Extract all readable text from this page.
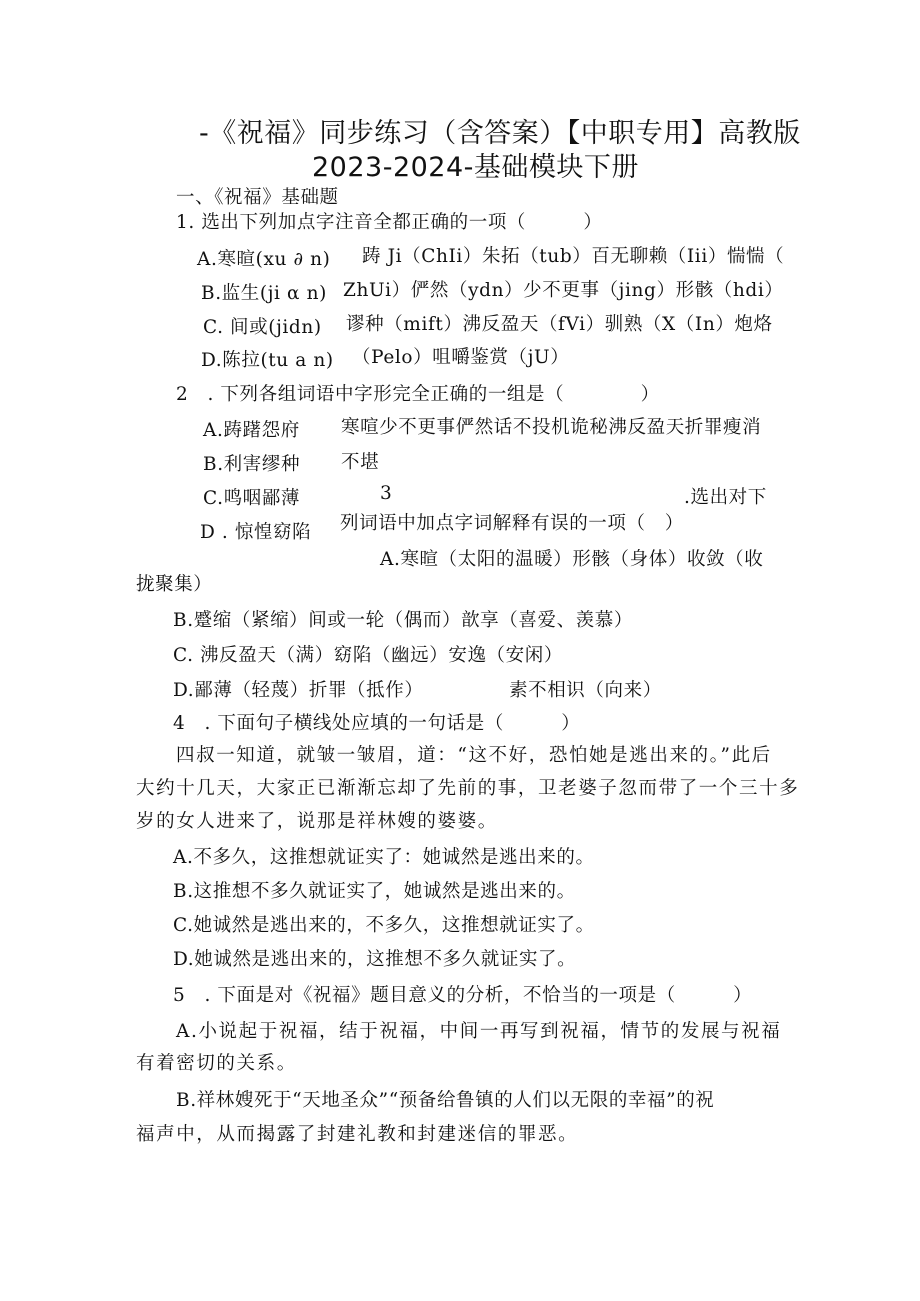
-《祝福》同步练习（含答案）【中职专用】高教版
2023-2024-基础模块下册
一、《祝福》基础题
1. 选出下列加点字注音全都正确的一项（　　　）
A.寒暄(xu ∂ n) 踌 Ji（ChIi）朱拓（tub）百无聊赖（Iii）惴惴（
B.监生(ji α n) ZhUi）俨然（ydn）少不更事（jing）形骸（hdi）
C. 间或(jidn) 谬种（mift）沸反盈天（fVi）驯熟（X（In）炮烙
D.陈拉(tu a n) （Pelo）咀嚼鉴赏（jU）
2　. 下列各组词语中字形完全正确的一组是（　　　　）
A.踌躇怨府 寒喧少不更事俨然话不投机诡秘沸反盈天折罪瘦消
B.利害缪种 不堪
C.鸣咽鄙薄	3	.选出对下
D . 惊惶窈陷 列词语中加点字词解释有误的一项（　）
A.寒暄（太阳的温暖）形骸（身体）收敛（收
拢聚集）
B.蹙缩（紧缩）间或一轮（偶而）歆享（喜爱、羡慕）
C. 沸反盈天（满）窈陷（幽远）安逸（安闲）
D.鄙薄（轻蔑）折罪（抵作）	素不相识（向来）
4　. 下面句子横线处应填的一句话是（　　　）
四叔一知道，就皱一皱眉，道：“这不好，恐怕她是逃出来的。”此后
大约十几天，大家正已渐渐忘却了先前的事，卫老婆子忽而带了一个三十多
岁的女人进来了，说那是祥林嫂的婆婆。
A.不多久，这推想就证实了：她诚然是逃出来的。
B.这推想不多久就证实了，她诚然是逃出来的。
C.她诚然是逃出来的，不多久，这推想就证实了。
D.她诚然是逃出来的，这推想不多久就证实了。
5　. 下面是对《祝福》题目意义的分析，不恰当的一项是（　　　）
A.小说起于祝福，结于祝福，中间一再写到祝福，情节的发展与祝福
有着密切的关系。
B.祥林嫂死于“天地圣众”“预备给鲁镇的人们以无限的幸福”的祝
福声中，从而揭露了封建礼教和封建迷信的罪恶。
